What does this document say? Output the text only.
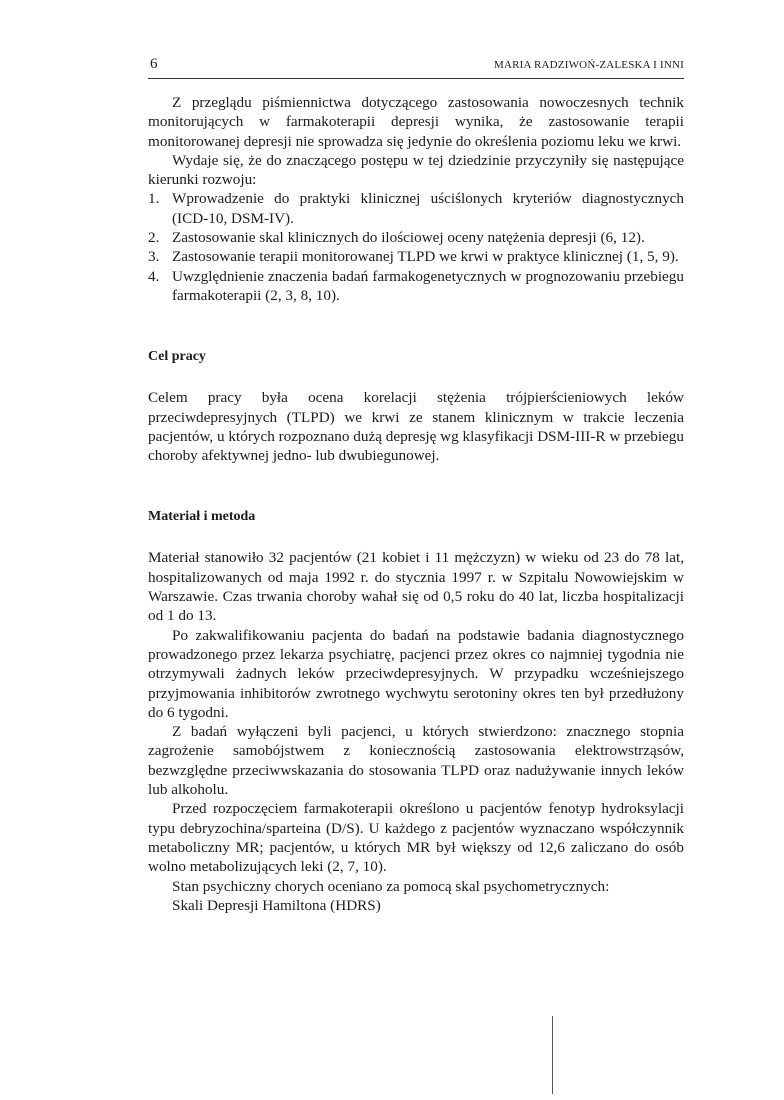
6	MARIA RADZIWOŃ-ZALESKA I INNI

Z przeglądu piśmiennictwa dotyczącego zastosowania nowoczesnych technik monitorujących w farmakoterapii depresji wynika, że zastosowanie terapii monitorowanej depresji nie sprowadza się jedynie do określenia poziomu leku we krwi.

Wydaje się, że do znaczącego postępu w tej dziedzinie przyczyniły się następujące kierunki rozwoju:

1. Wprowadzenie do praktyki klinicznej uściślonych kryteriów diagnostycznych (ICD-10, DSM-IV).
2. Zastosowanie skal klinicznych do ilościowej oceny natężenia depresji (6, 12).
3. Zastosowanie terapii monitorowanej TLPD we krwi w praktyce klinicznej (1, 5, 9).
4. Uwzględnienie znaczenia badań farmakogenetycznych w prognozowaniu przebiegu farmakoterapii (2, 3, 8, 10).
Cel pracy

Celem pracy była ocena korelacji stężenia trójpierścieniowych leków przeciwdepresyjnych (TLPD) we krwi ze stanem klinicznym w trakcie leczenia pacjentów, u których rozpoznano dużą depresję wg klasyfikacji DSM-III-R w przebiegu choroby afektywnej jedno- lub dwubiegunowej.

Materiał i metoda

Materiał stanowiło 32 pacjentów (21 kobiet i 11 mężczyzn) w wieku od 23 do 78 lat, hospitalizowanych od maja 1992 r. do stycznia 1997 r. w Szpitalu Nowowiejskim w Warszawie. Czas trwania choroby wahał się od 0,5 roku do 40 lat, liczba hospitalizacji od 1 do 13.

Po zakwalifikowaniu pacjenta do badań na podstawie badania diagnostycznego prowadzonego przez lekarza psychiatrę, pacjenci przez okres co najmniej tygodnia nie otrzymywali żadnych leków przeciwdepresyjnych. W przypadku wcześniejszego przyjmowania inhibitorów zwrotnego wychwytu serotoniny okres ten był przedłużony do 6 tygodni.

Z badań wyłączeni byli pacjenci, u których stwierdzono: znacznego stopnia zagrożenie samobójstwem z koniecznością zastosowania elektrowstrząsów, bezwzględne przeciwwskazania do stosowania TLPD oraz nadużywanie innych leków lub alkoholu.

Przed rozpoczęciem farmakoterapii określono u pacjentów fenotyp hydroksylacji typu debryzochina/sparteina (D/S). U każdego z pacjentów wyznaczano współczynnik metaboliczny MR; pacjentów, u których MR był większy od 12,6 zaliczano do osób wolno metabolizujących leki (2, 7, 10).

Stan psychiczny chorych oceniano za pomocą skal psychometrycznych:

Skali Depresji Hamiltona (HDRS)
